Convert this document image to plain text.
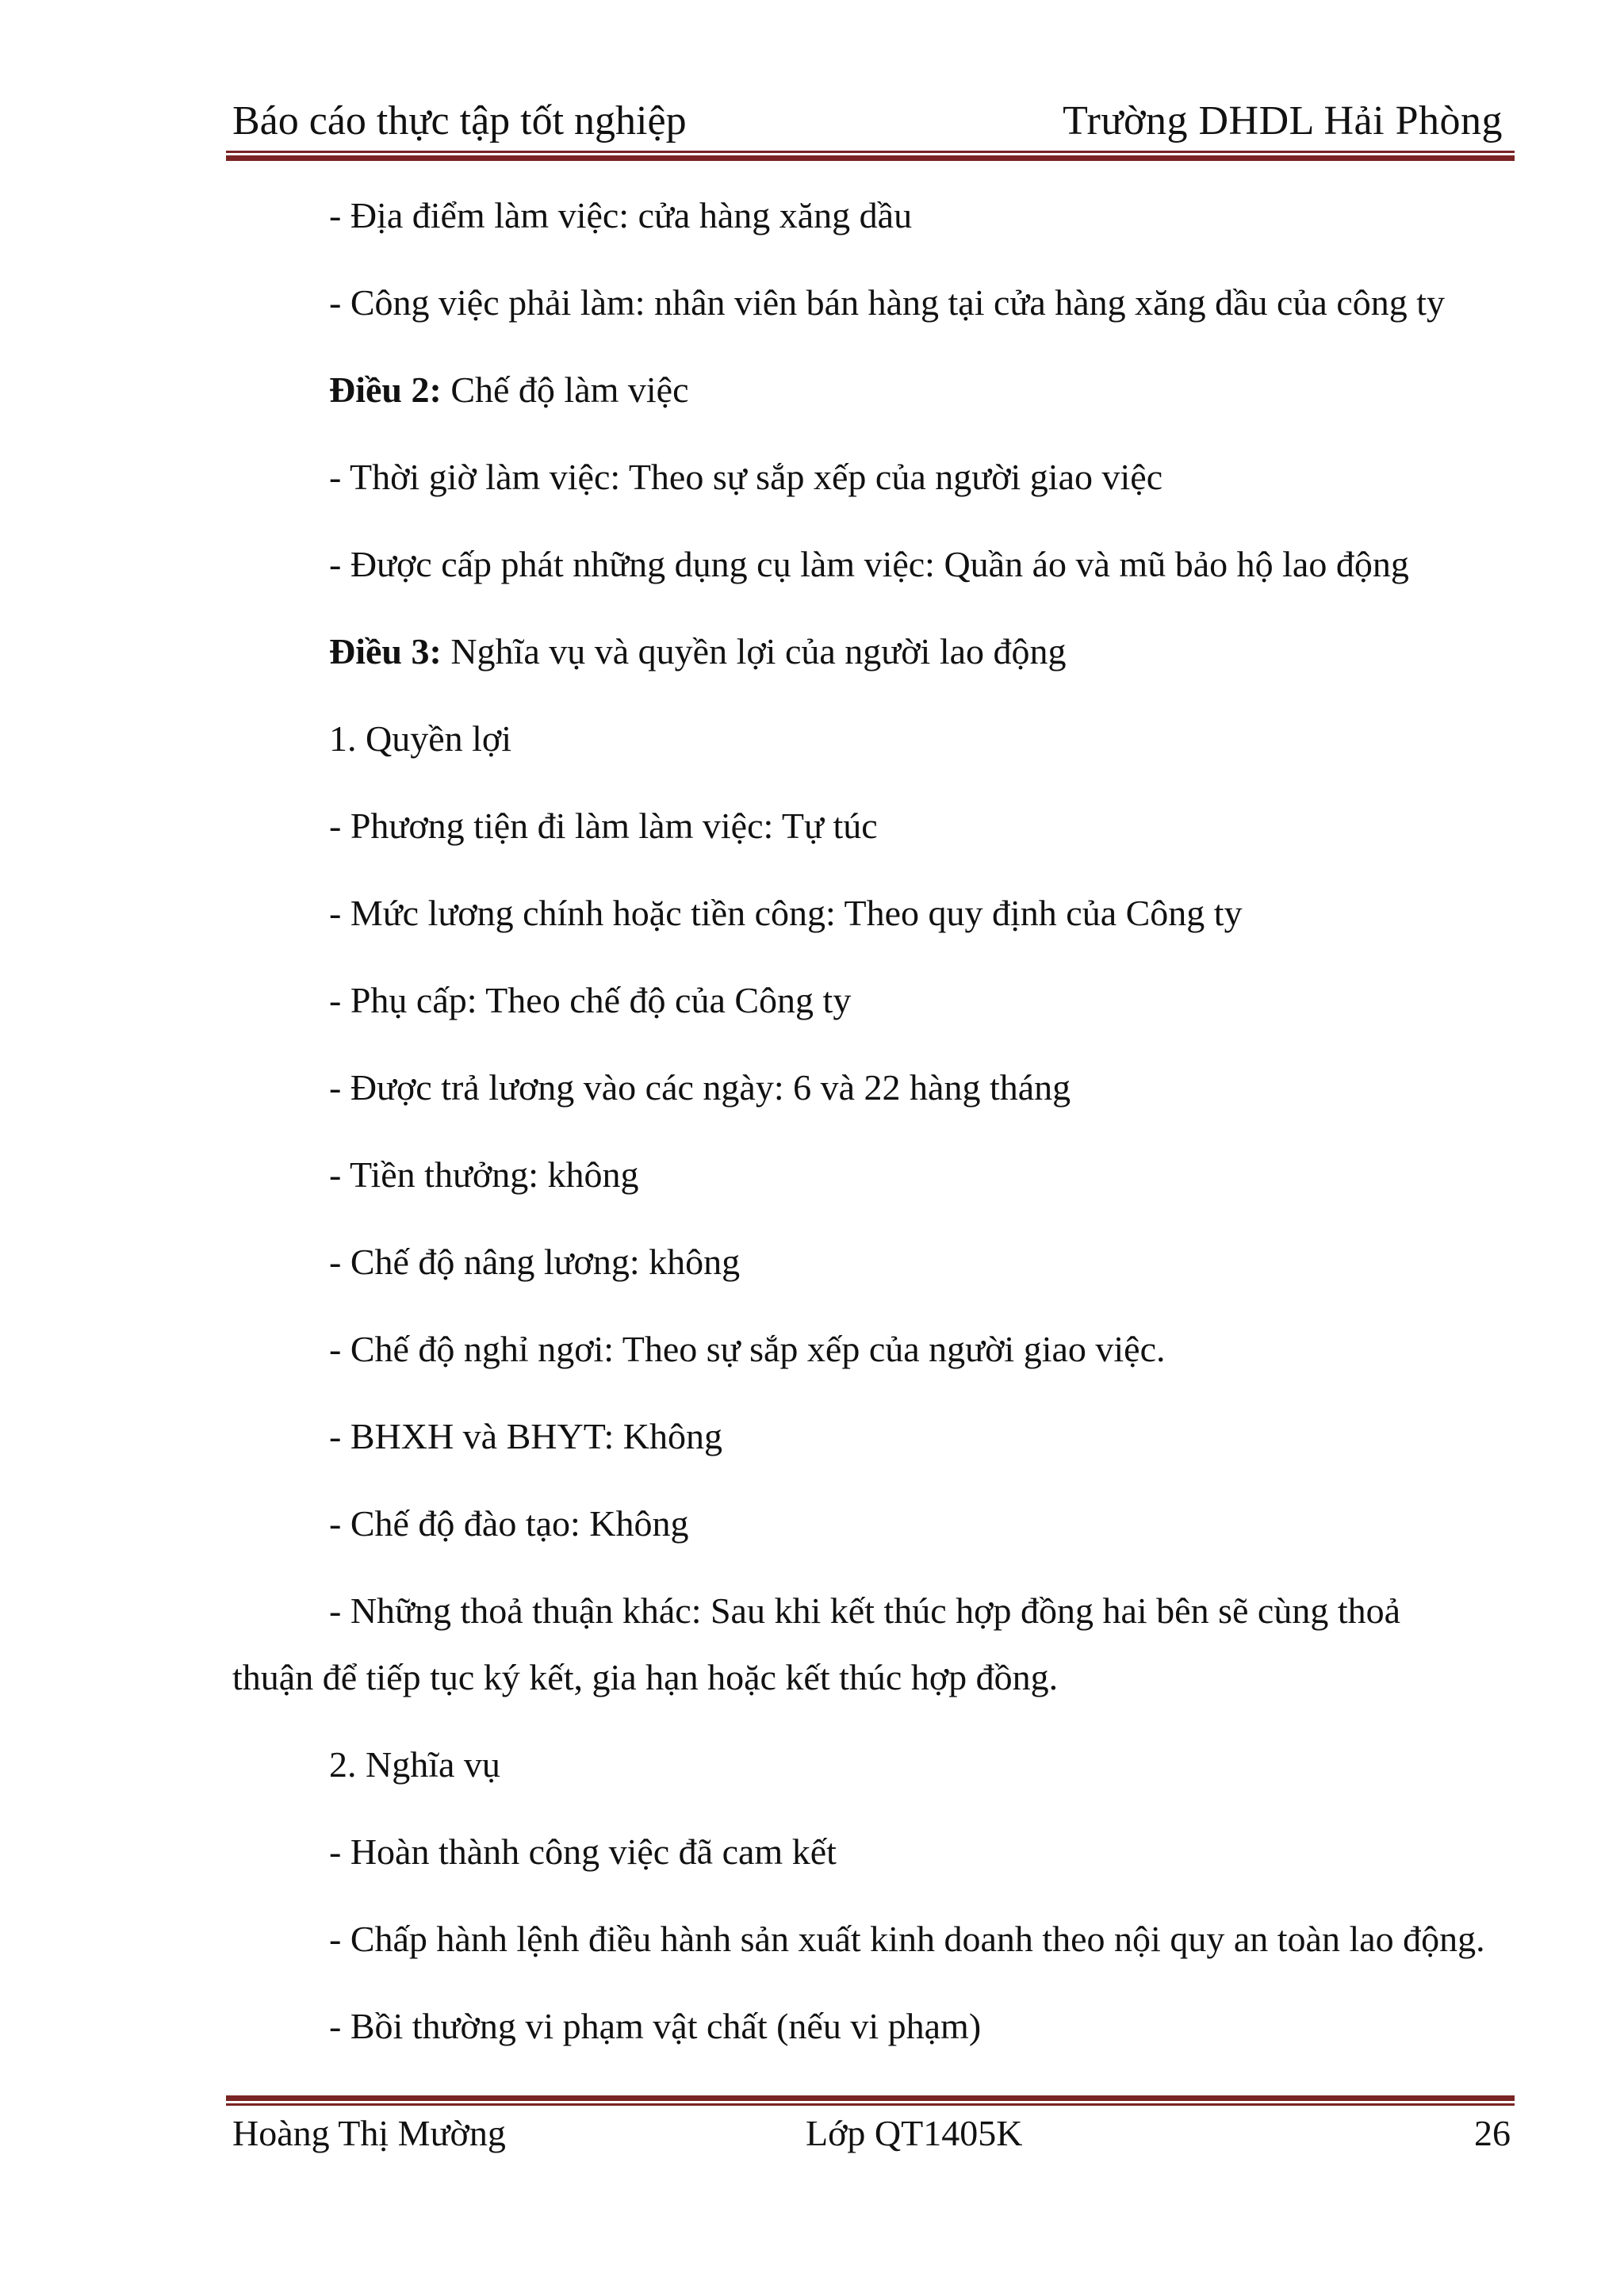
Báo cáo thực tập tốt nghiệp	Trường DHDL Hải Phòng
- Địa điểm làm việc: cửa hàng xăng dầu
- Công việc phải làm: nhân viên bán hàng tại cửa hàng xăng dầu của công ty
Điều 2: Chế độ làm việc
- Thời giờ làm việc: Theo sự sắp xếp của người giao việc
- Được cấp phát những dụng cụ làm việc: Quần áo và mũ bảo hộ lao động
Điều 3: Nghĩa vụ và quyền lợi của người lao động
1. Quyền lợi
- Phương tiện đi làm làm việc: Tự túc
- Mức lương chính hoặc tiền công: Theo quy định của Công ty
- Phụ cấp: Theo chế độ của Công ty
- Được trả lương vào các ngày: 6 và 22 hàng tháng
- Tiền thưởng: không
- Chế độ nâng lương: không
- Chế độ nghỉ ngơi: Theo sự sắp xếp của người giao việc.
- BHXH và BHYT: Không
- Chế độ đào tạo: Không
- Những thoả thuận khác: Sau khi kết thúc hợp đồng hai bên sẽ cùng thoả
thuận để tiếp tục ký kết, gia hạn hoặc kết thúc hợp đồng.
2. Nghĩa vụ
- Hoàn thành công việc đã cam kết
- Chấp hành lệnh điều hành sản xuất kinh doanh theo nội quy an toàn lao động.
- Bồi thường vi phạm vật chất (nếu vi phạm)
Hoàng Thị Mường	Lớp QT1405K	26
